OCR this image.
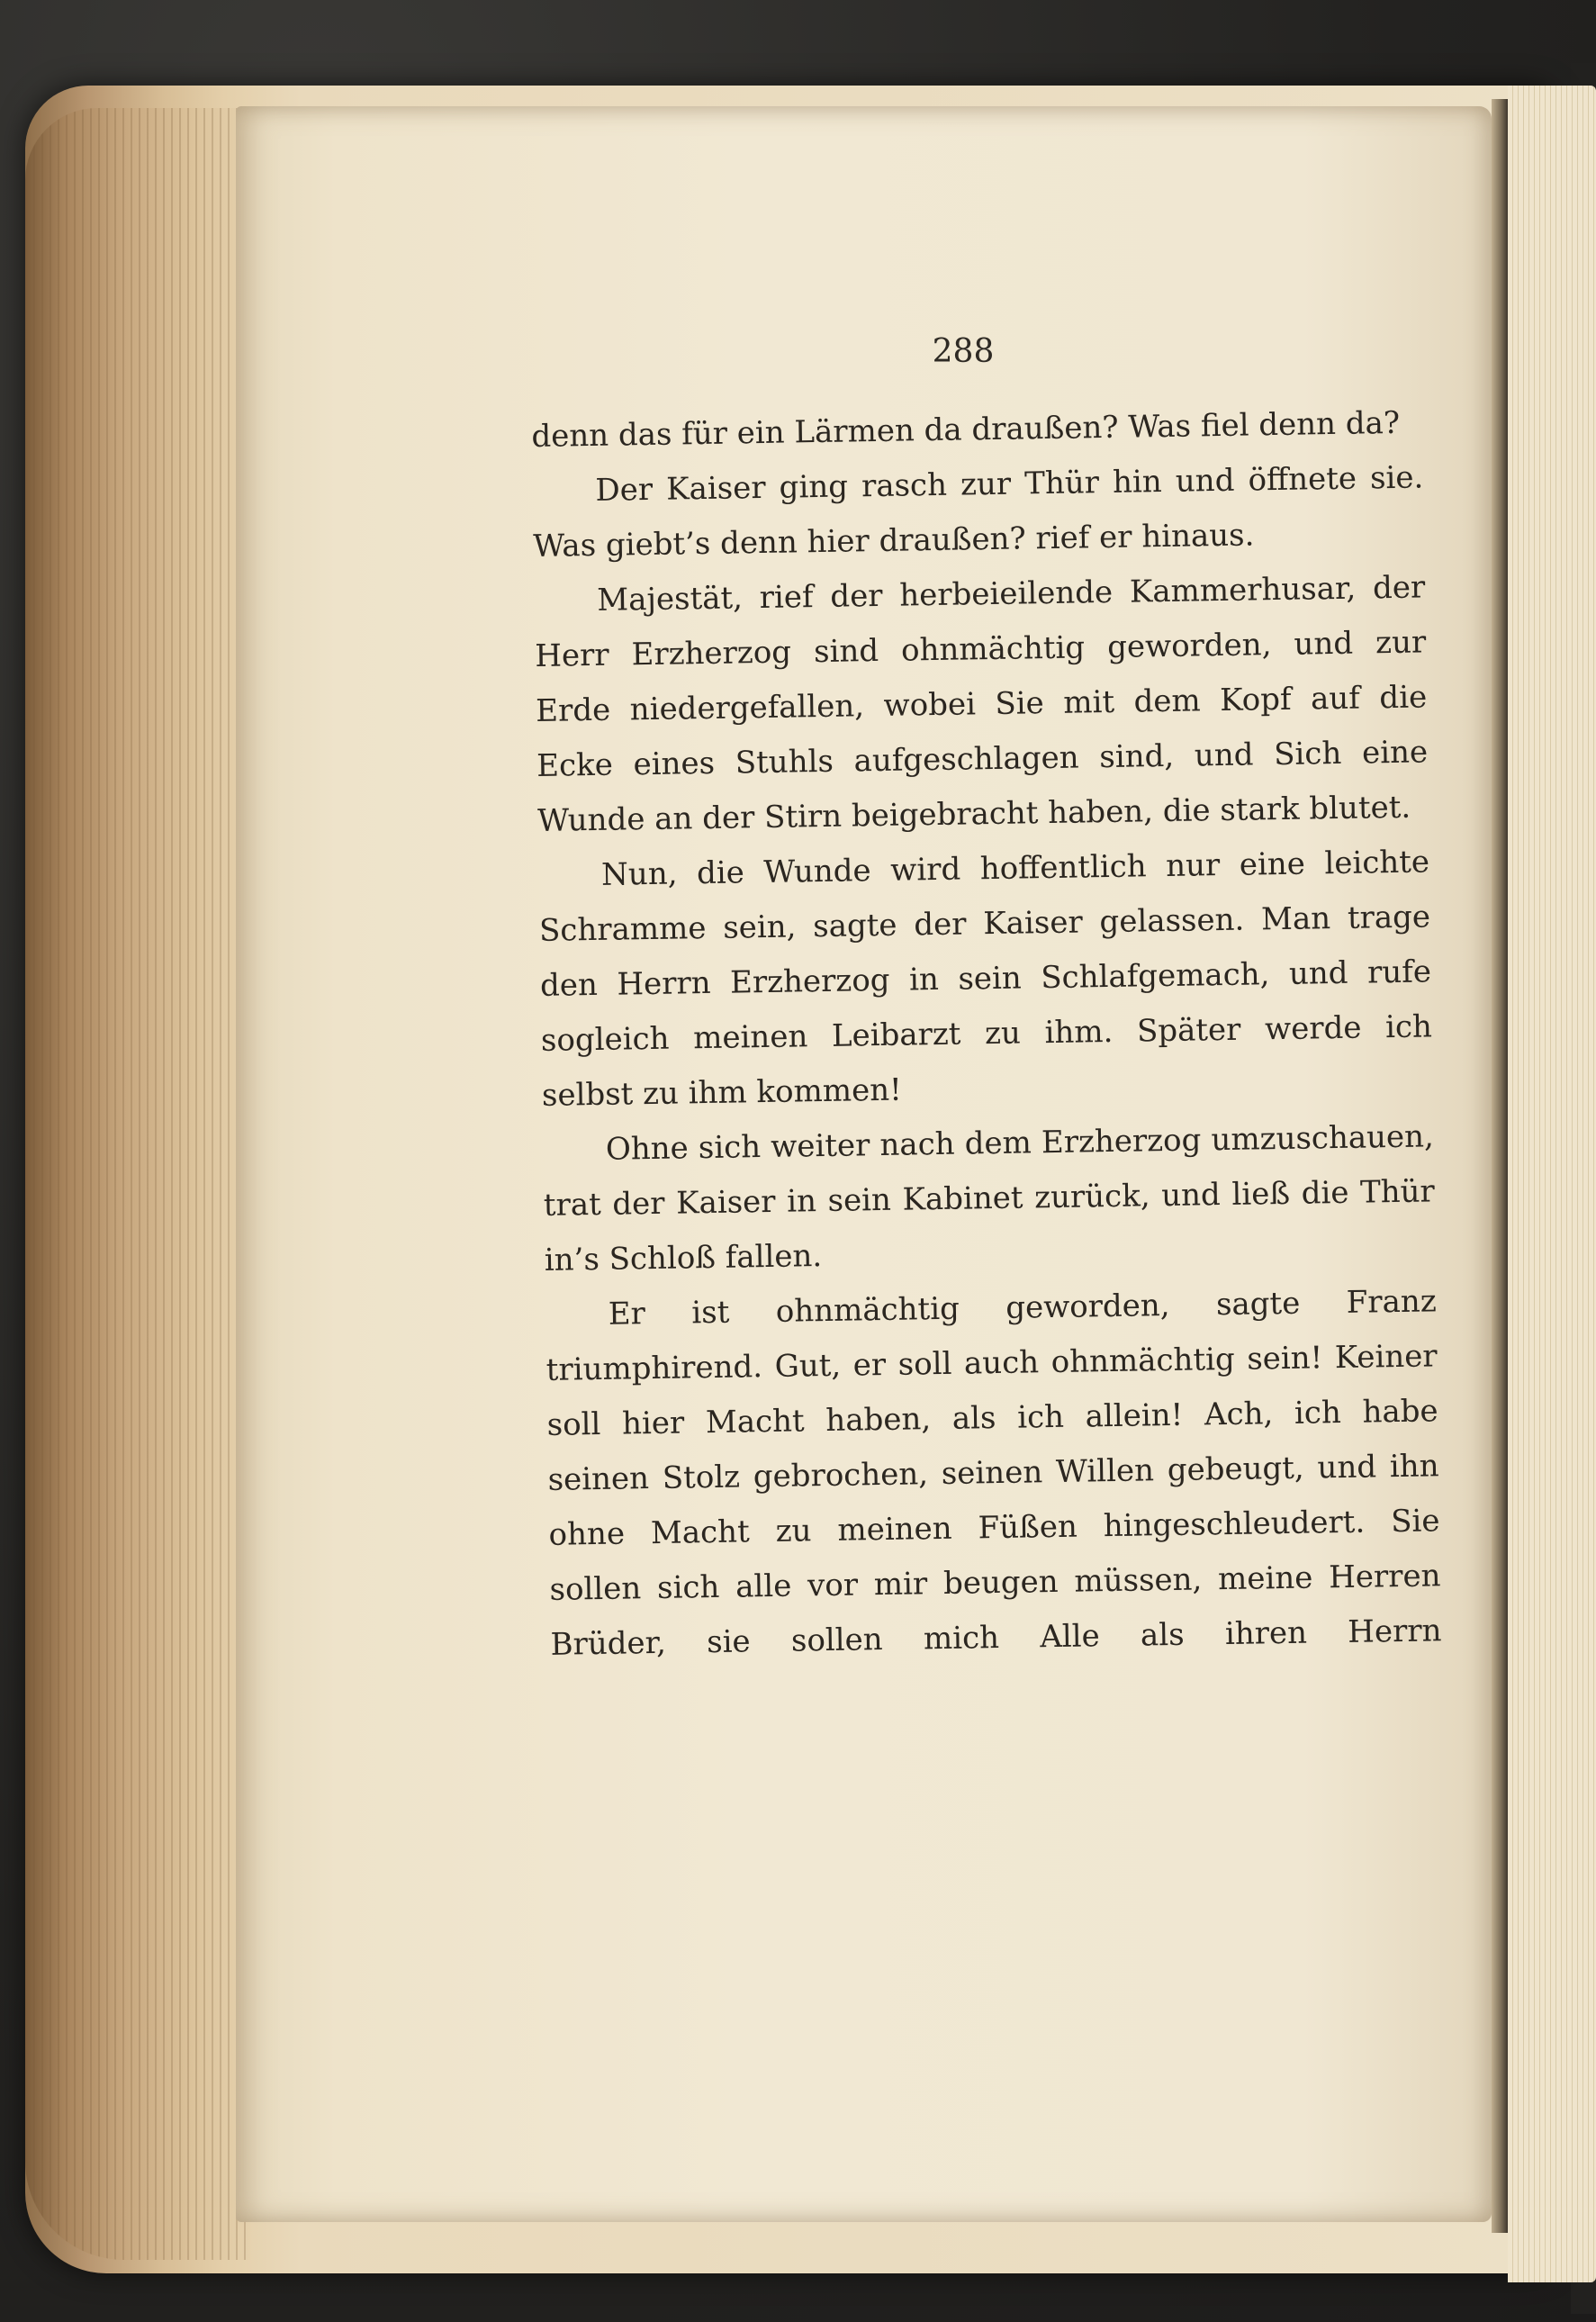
288

denn das für ein Lärmen da draußen? Was fiel denn da?

Der Kaiser ging rasch zur Thür hin und öffnete sie. Was giebt’s denn hier draußen? rief er hinaus.

Majestät, rief der herbeieilende Kammerhusar, der Herr Erzherzog sind ohnmächtig geworden, und zur Erde niedergefallen, wobei Sie mit dem Kopf auf die Ecke eines Stuhls aufgeschlagen sind, und Sich eine Wunde an der Stirn beigebracht haben, die stark blutet.

Nun, die Wunde wird hoffentlich nur eine leichte Schramme sein, sagte der Kaiser gelassen. Man trage den Herrn Erzherzog in sein Schlafgemach, und rufe sogleich meinen Leibarzt zu ihm. Später werde ich selbst zu ihm kommen!

Ohne sich weiter nach dem Erzherzog umzuschauen, trat der Kaiser in sein Kabinet zurück, und ließ die Thür in’s Schloß fallen.

Er ist ohnmächtig geworden, sagte Franz triumphirend. Gut, er soll auch ohnmächtig sein! Keiner soll hier Macht haben, als ich allein! Ach, ich habe seinen Stolz gebrochen, seinen Willen gebeugt, und ihn ohne Macht zu meinen Füßen hingeschleudert. Sie sollen sich alle vor mir beugen müssen, meine Herren Brüder, sie sollen mich Alle als ihren Herrn
